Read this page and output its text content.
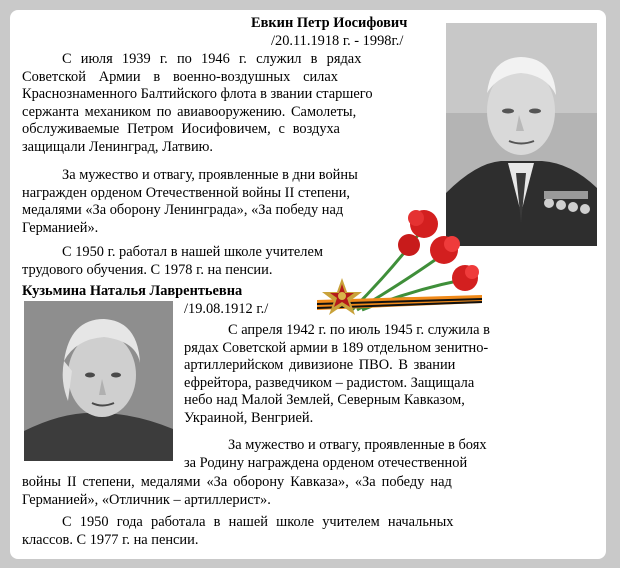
Евкин Петр Иосифович
/20.11.1918 г. - 1998г./
С июля 1939 г. по 1946 г. служил в рядах
Советской Армии в военно-воздушных силах
Краснознаменного Балтийского флота в звании старшего
сержанта механиком по авиавооружению. Самолеты,
обслуживаемые Петром Иосифовичем, с воздуха
защищали Ленинград, Латвию.
За мужество и отвагу, проявленные в дни войны
награжден орденом Отечественной войны II степени,
медалями «За оборону Ленинграда», «За победу над
Германией».
С 1950 г. работал в нашей школе учителем
трудового обучения. С 1978 г. на пенсии.
Кузьмина Наталья Лаврентьевна
/19.08.1912 г./
С апреля 1942 г. по июль 1945 г. служила в
рядах Советской армии в 189 отдельном зенитно-
артиллерийском дивизионе ПВО. В звании
ефрейтора, разведчиком – радистом. Защищала
небо над Малой Землей, Северным Кавказом,
Украиной, Венгрией.
За мужество и отвагу, проявленные в боях
за Родину награждена орденом отечественной
войны II степени, медалями «За оборону Кавказа», «За победу над
Германией», «Отличник – артиллерист».
С 1950 года работала в нашей школе учителем начальных
классов. С 1977 г. на пенсии.
